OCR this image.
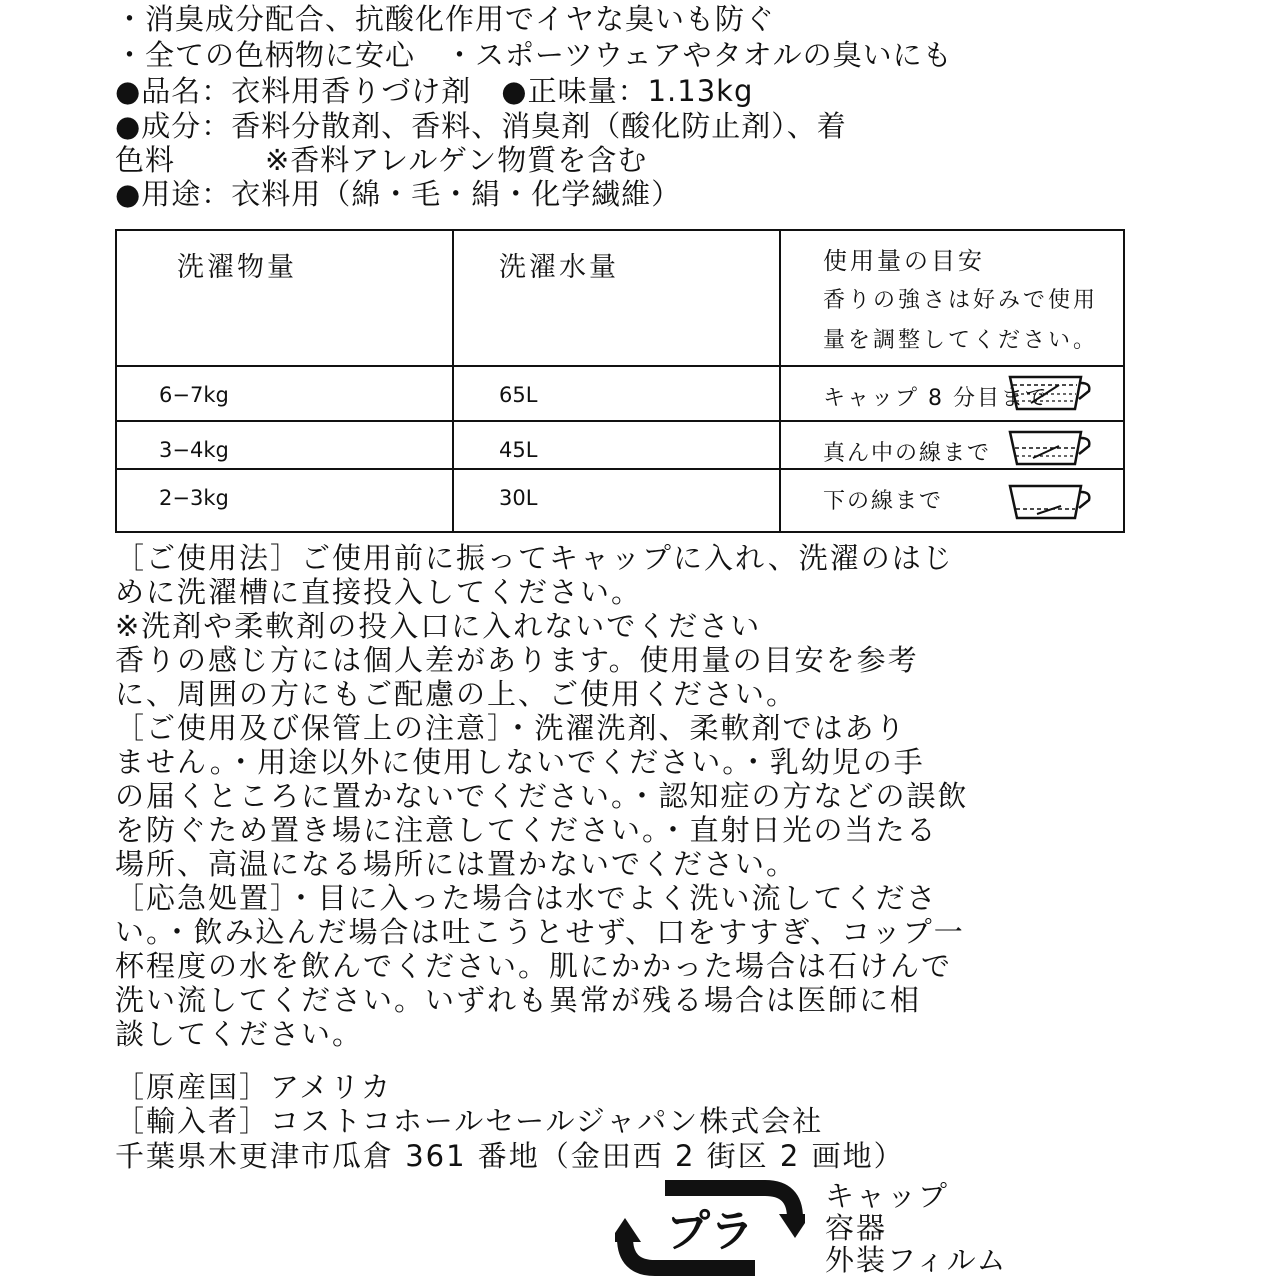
・消臭成分配合、抗酸化作用でイヤな臭いも防ぐ
・全ての色柄物に安心　・スポーツウェアやタオルの臭いにも
●品名：衣料用香りづけ剤　●正味量：1.13kg
●成分：香料分散剤、香料、消臭剤（酸化防止剤）、着
色料　　　※香料アレルゲン物質を含む
●用途：衣料用（綿・毛・絹・化学繊維）
洗濯物量	洗濯水量	使用量の目安
香りの強さは好みで使用
量を調整してください。

6−7kg	65L	キャップ 8 分目まで

3−4kg	45L	真ん中の線まで

2−3kg	30L	下の線まで
［ご使用法］ご使用前に振ってキャップに入れ、洗濯のはじ
めに洗濯槽に直接投入してください。
※洗剤や柔軟剤の投入口に入れないでください
香りの感じ方には個人差があります。使用量の目安を参考
に、周囲の方にもご配慮の上、ご使用ください。
［ご使用及び保管上の注意］・洗濯洗剤、柔軟剤ではあり
ません。・用途以外に使用しないでください。・乳幼児の手
の届くところに置かないでください。・認知症の方などの誤飲
を防ぐため置き場に注意してください。・直射日光の当たる
場所、高温になる場所には置かないでください。
［応急処置］・目に入った場合は水でよく洗い流してくださ
い。・飲み込んだ場合は吐こうとせず、口をすすぎ、コップ一
杯程度の水を飲んでください。肌にかかった場合は石けんで
洗い流してください。いずれも異常が残る場合は医師に相
談してください。
［原産国］アメリカ
［輸入者］コストコホールセールジャパン株式会社
千葉県木更津市瓜倉 361 番地（金田西 2 街区 2 画地）
プラ
キャップ
容器
外装フィルム
